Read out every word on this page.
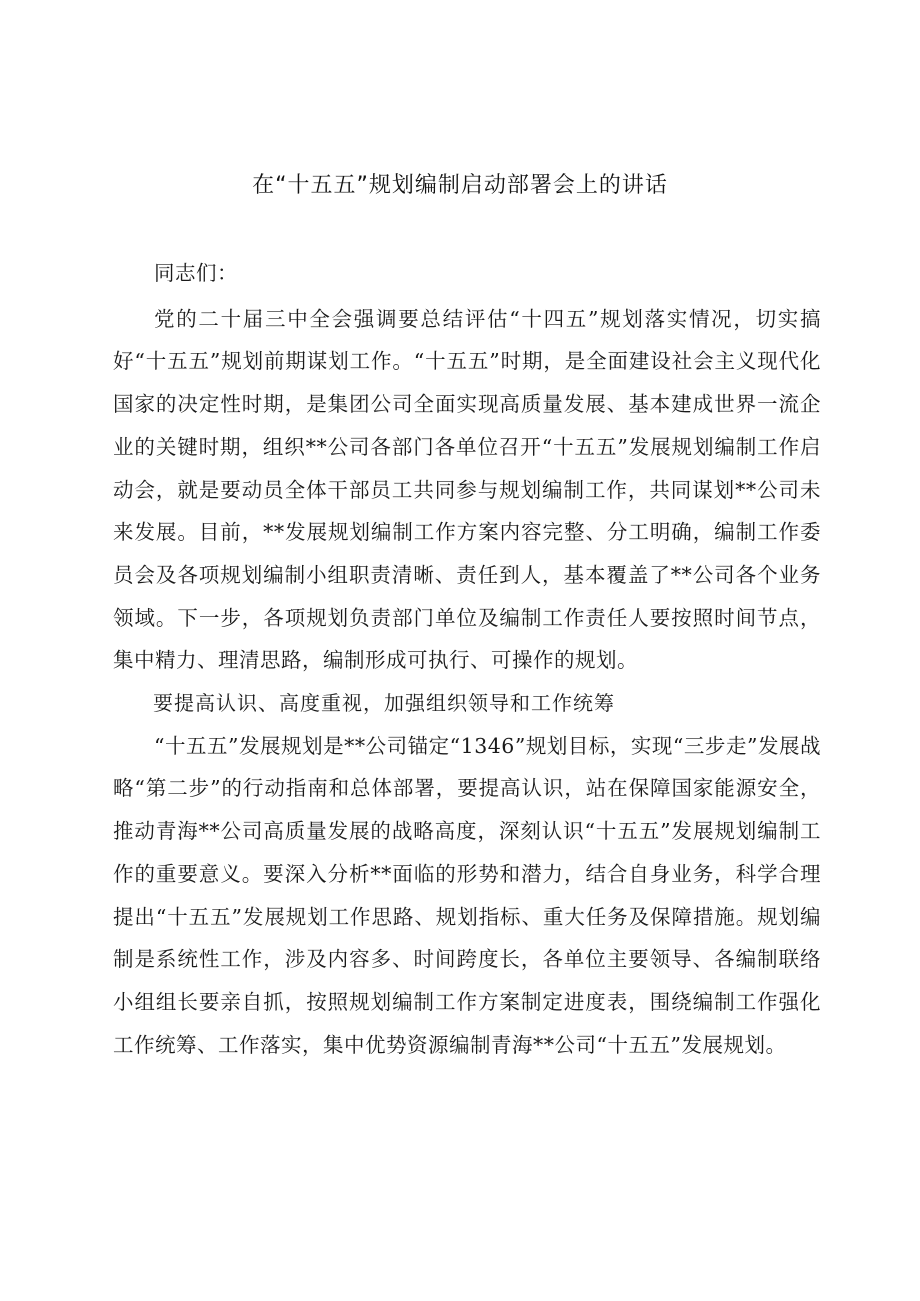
在“十五五”规划编制启动部署会上的讲话

同志们：

党的二十届三中全会强调要总结评估“十四五”规划落实情况，切实搞好“十五五”规划前期谋划工作。“十五五”时期，是全面建设社会主义现代化国家的决定性时期，是集团公司全面实现高质量发展、基本建成世界一流企业的关键时期，组织**公司各部门各单位召开“十五五”发展规划编制工作启动会，就是要动员全体干部员工共同参与规划编制工作，共同谋划**公司未来发展。目前，**发展规划编制工作方案内容完整、分工明确，编制工作委员会及各项规划编制小组职责清晰、责任到人，基本覆盖了**公司各个业务领域。下一步，各项规划负责部门单位及编制工作责任人要按照时间节点，集中精力、理清思路，编制形成可执行、可操作的规划。

要提高认识、高度重视，加强组织领导和工作统筹

“十五五”发展规划是**公司锚定“1346”规划目标，实现“三步走”发展战略“第二步”的行动指南和总体部署，要提高认识，站在保障国家能源安全，推动青海**公司高质量发展的战略高度，深刻认识“十五五”发展规划编制工作的重要意义。要深入分析**面临的形势和潜力，结合自身业务，科学合理提出“十五五”发展规划工作思路、规划指标、重大任务及保障措施。规划编制是系统性工作，涉及内容多、时间跨度长，各单位主要领导、各编制联络小组组长要亲自抓，按照规划编制工作方案制定进度表，围绕编制工作强化工作统筹、工作落实，集中优势资源编制青海**公司“十五五”发展规划。
